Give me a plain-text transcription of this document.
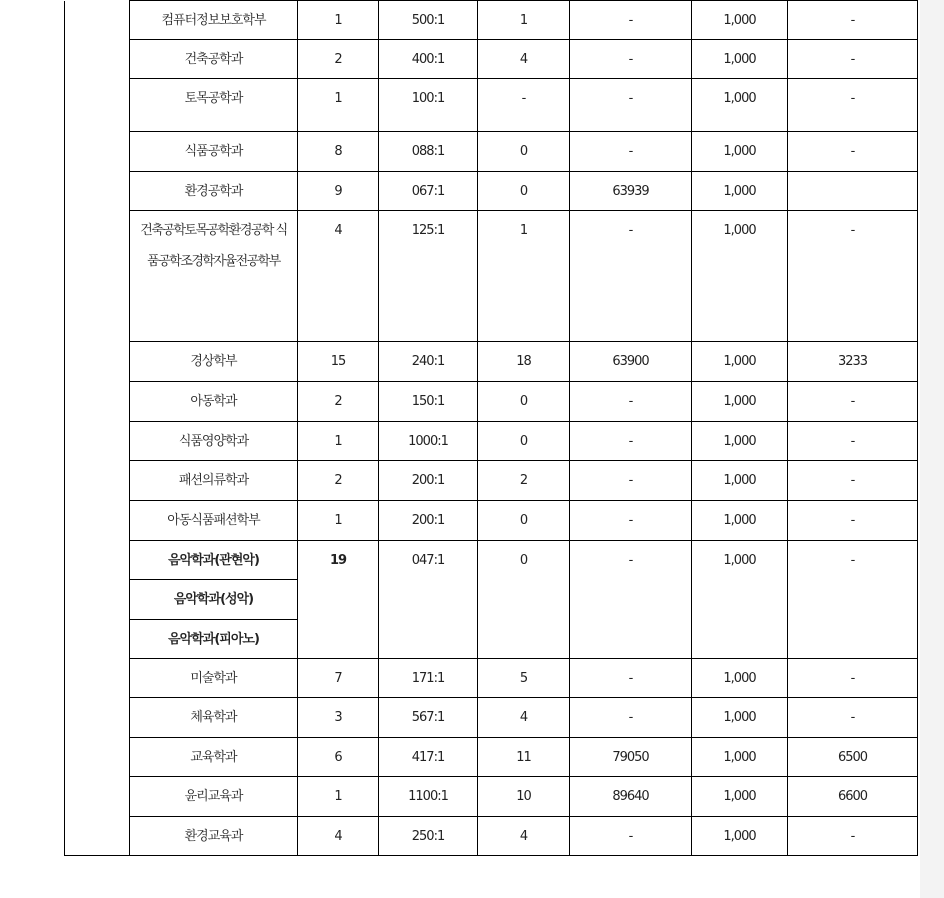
	컴퓨터정보보호학부	1	500:1	1	-	1,000	-
	건축공학과	2	400:1	4	-	1,000	-
	토목공학과	1	100:1	-	-	1,000	-
	식품공학과	8	088:1	0	-	1,000	-
	환경공학과	9	067:1	0	63939	1,000	
	건축공학토목공학환경공학 식품공학조경학자율전공학부	4	125:1	1	-	1,000	-
	경상학부	15	240:1	18	63900	1,000	3233
	아동학과	2	150:1	0	-	1,000	-
	식품영양학과	1	1000:1	0	-	1,000	-
	패션의류학과	2	200:1	2	-	1,000	-
	아동식품패션학부	1	200:1	0	-	1,000	-
	음악학과(관현악)	19	047:1	0	-	1,000	-
	음악학과(성악)						
	음악학과(피아노)						
	미술학과	7	171:1	5	-	1,000	-
	체육학과	3	567:1	4	-	1,000	-
	교육학과	6	417:1	11	79050	1,000	6500
	윤리교육과	1	1100:1	10	89640	1,000	6600
	환경교육과	4	250:1	4	-	1,000	-
